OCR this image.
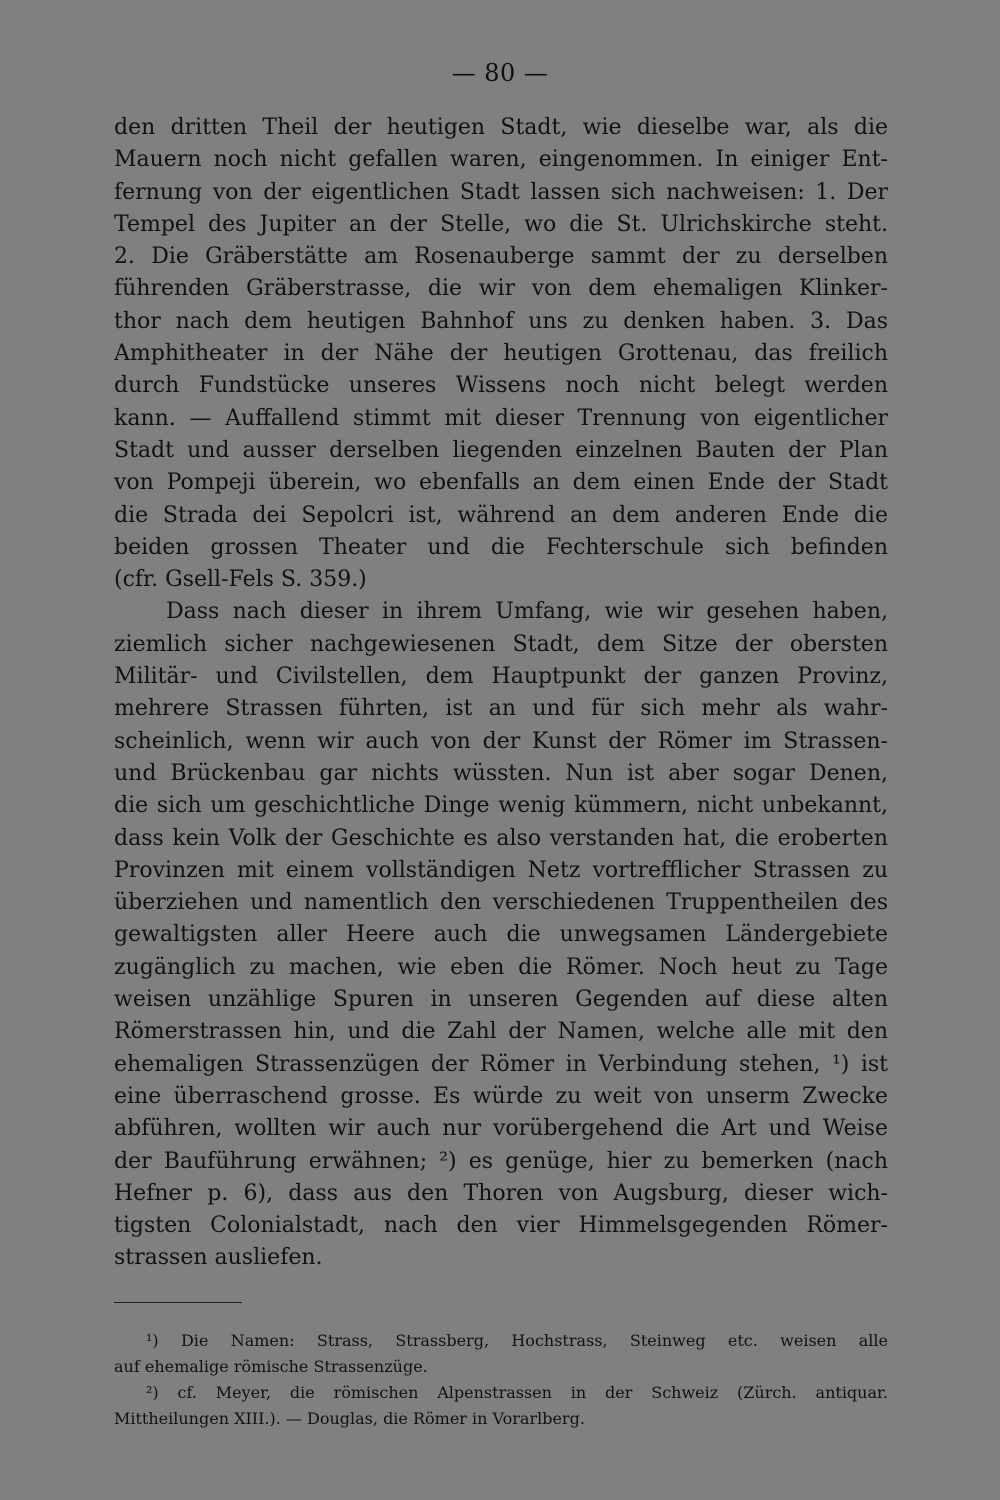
— 80 —
den dritten Theil der heutigen Stadt, wie dieselbe war, als die
Mauern noch nicht gefallen waren, eingenommen. In einiger Ent-
fernung von der eigentlichen Stadt lassen sich nachweisen: 1. Der
Tempel des Jupiter an der Stelle, wo die St. Ulrichskirche steht.
2. Die Gräberstätte am Rosenauberge sammt der zu derselben
führenden Gräberstrasse, die wir von dem ehemaligen Klinker-
thor nach dem heutigen Bahnhof uns zu denken haben. 3. Das
Amphitheater in der Nähe der heutigen Grottenau, das freilich
durch Fundstücke unseres Wissens noch nicht belegt werden
kann. — Auffallend stimmt mit dieser Trennung von eigentlicher
Stadt und ausser derselben liegenden einzelnen Bauten der Plan
von Pompeji überein, wo ebenfalls an dem einen Ende der Stadt
die Strada dei Sepolcri ist, während an dem anderen Ende die
beiden grossen Theater und die Fechterschule sich befinden
(cfr. Gsell-Fels S. 359.)
Dass nach dieser in ihrem Umfang, wie wir gesehen haben,
ziemlich sicher nachgewiesenen Stadt, dem Sitze der obersten
Militär- und Civilstellen, dem Hauptpunkt der ganzen Provinz,
mehrere Strassen führten, ist an und für sich mehr als wahr-
scheinlich, wenn wir auch von der Kunst der Römer im Strassen-
und Brückenbau gar nichts wüssten. Nun ist aber sogar Denen,
die sich um geschichtliche Dinge wenig kümmern, nicht unbekannt,
dass kein Volk der Geschichte es also verstanden hat, die eroberten
Provinzen mit einem vollständigen Netz vortrefflicher Strassen zu
überziehen und namentlich den verschiedenen Truppentheilen des
gewaltigsten aller Heere auch die unwegsamen Ländergebiete
zugänglich zu machen, wie eben die Römer. Noch heut zu Tage
weisen unzählige Spuren in unseren Gegenden auf diese alten
Römerstrassen hin, und die Zahl der Namen, welche alle mit den
ehemaligen Strassenzügen der Römer in Verbindung stehen, ¹) ist
eine überraschend grosse. Es würde zu weit von unserm Zwecke
abführen, wollten wir auch nur vorübergehend die Art und Weise
der Bauführung erwähnen; ²) es genüge, hier zu bemerken (nach
Hefner p. 6), dass aus den Thoren von Augsburg, dieser wich-
tigsten Colonialstadt, nach den vier Himmelsgegenden Römer-
strassen ausliefen.
¹) Die Namen: Strass, Strassberg, Hochstrass, Steinweg etc. weisen alle
auf ehemalige römische Strassenzüge.
²) cf. Meyer, die römischen Alpenstrassen in der Schweiz (Zürch. antiquar.
Mittheilungen XIII.). — Douglas, die Römer in Vorarlberg.
